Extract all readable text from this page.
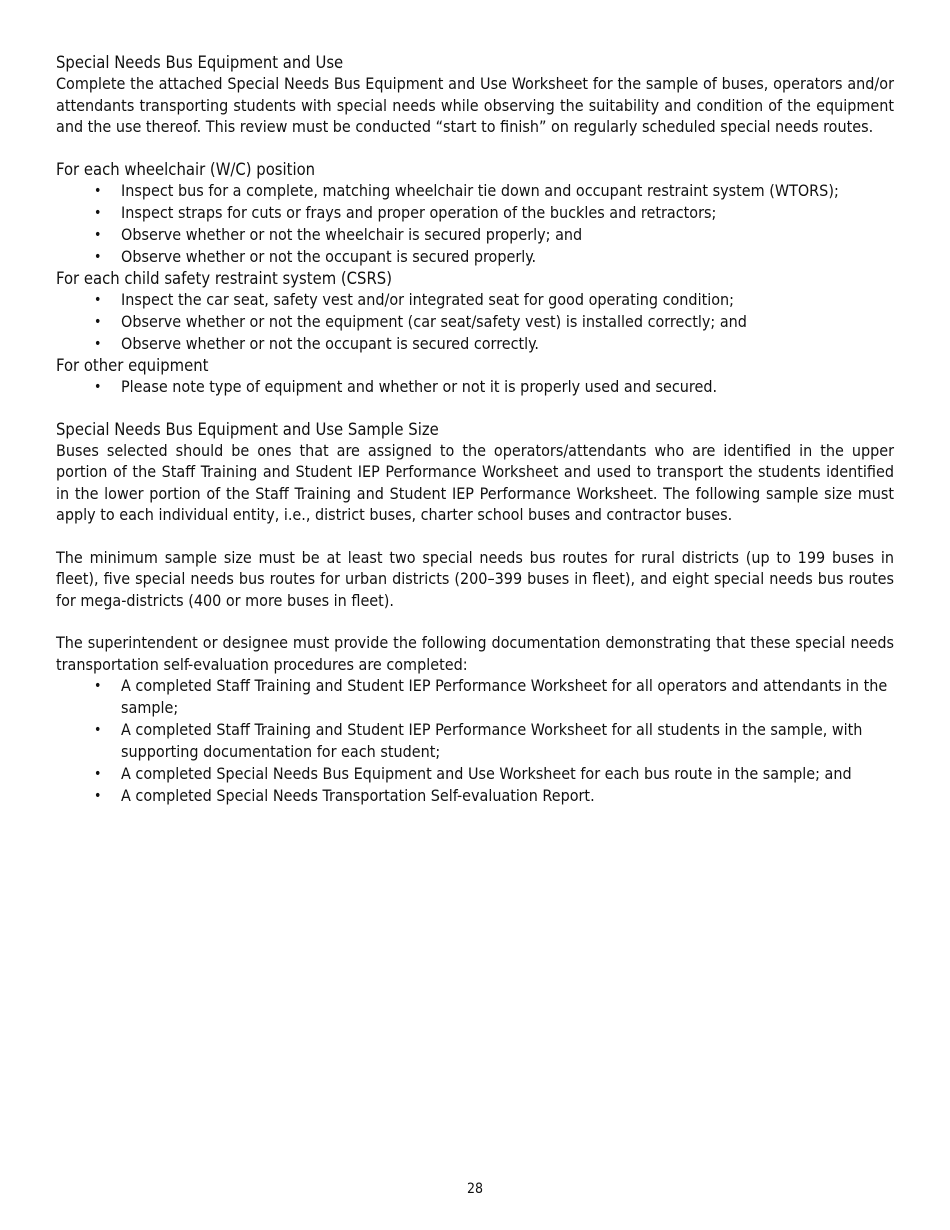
Special Needs Bus Equipment and Use

Complete the attached Special Needs Bus Equipment and Use Worksheet for the sample of buses, operators and/or attendants transporting students with special needs while observing the suitability and condition of the equipment and the use thereof. This review must be conducted “start to finish” on regularly scheduled special needs routes.

For each wheelchair (W/C) position

• Inspect bus for a complete, matching wheelchair tie down and occupant restraint system (WTORS);
• Inspect straps for cuts or frays and proper operation of the buckles and retractors;
• Observe whether or not the wheelchair is secured properly; and
• Observe whether or not the occupant is secured properly.

For each child safety restraint system (CSRS)

• Inspect the car seat, safety vest and/or integrated seat for good operating condition;
• Observe whether or not the equipment (car seat/safety vest) is installed correctly; and
• Observe whether or not the occupant is secured correctly.

For other equipment

• Please note type of equipment and whether or not it is properly used and secured.

Special Needs Bus Equipment and Use Sample Size

Buses selected should be ones that are assigned to the operators/attendants who are identified in the upper portion of the Staff Training and Student IEP Performance Worksheet and used to transport the students identified in the lower portion of the Staff Training and Student IEP Performance Worksheet. The following sample size must apply to each individual entity, i.e., district buses, charter school buses and contractor buses.

The minimum sample size must be at least two special needs bus routes for rural districts (up to 199 buses in fleet), five special needs bus routes for urban districts (200–399 buses in fleet), and eight special needs bus routes for mega-districts (400 or more buses in fleet).

The superintendent or designee must provide the following documentation demonstrating that these special needs transportation self-evaluation procedures are completed:

• A completed Staff Training and Student IEP Performance Worksheet for all operators and attendants in the sample;
• A completed Staff Training and Student IEP Performance Worksheet for all students in the sample, with supporting documentation for each student;
• A completed Special Needs Bus Equipment and Use Worksheet for each bus route in the sample; and
• A completed Special Needs Transportation Self-evaluation Report.
28
